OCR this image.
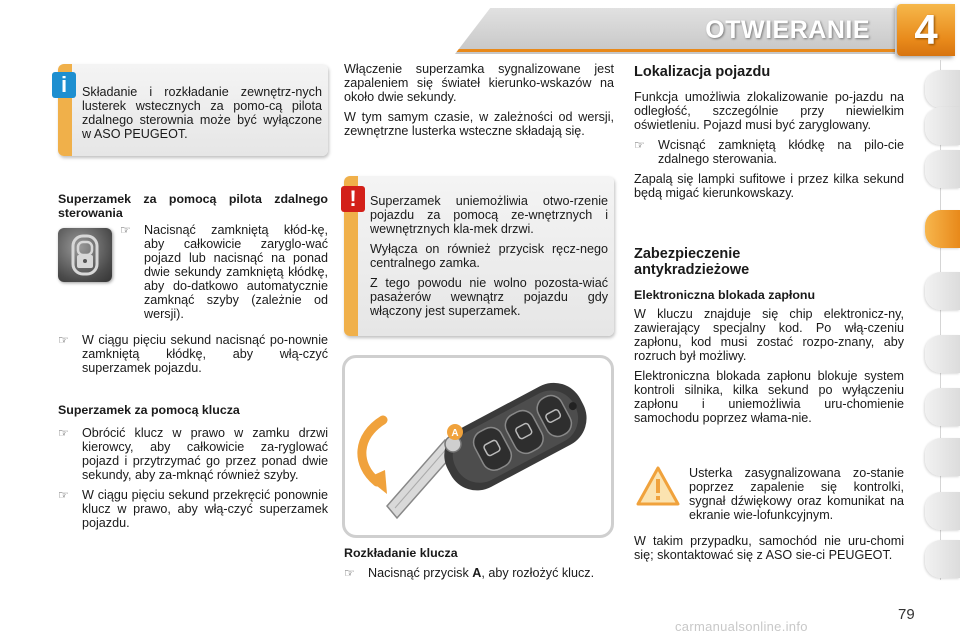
OTWIERANIE	4
i	Składanie i rozkładanie zewnętrz-nych lusterek wstecznych za pomo-cą pilota zdalnego sterownia może być wyłączone w ASO PEUGEOT.
Superzamek za pomocą pilota zdalnego sterowania
☞ Nacisnąć zamkniętą kłód-kę, aby całkowicie zaryglo-wać pojazd lub nacisnąć na ponad dwie sekundy zamkniętą kłódkę, aby do-datkowo automatycznie zamknąć szyby (zależnie od wersji).
☞ W ciągu pięciu sekund nacisnąć po-nownie zamkniętą kłódkę, aby włą-czyć superzamek pojazdu.
Superzamek za pomocą klucza
☞ Obrócić klucz w prawo w zamku drzwi kierowcy, aby całkowicie za-ryglować pojazd i przytrzymać go przez ponad dwie sekundy, aby za-mknąć również szyby.
☞ W ciągu pięciu sekund przekręcić ponownie klucz w prawo, aby włą-czyć superzamek pojazdu.

Włączenie superzamka sygnalizowane jest zapaleniem się świateł kierunko-wskazów na około dwie sekundy.

W tym samym czasie, w zależności od wersji, zewnętrzne lusterka wsteczne składają się.

!	Superzamek uniemożliwia otwo-rzenie pojazdu za pomocą ze-wnętrznych i wewnętrznych kla-mek drzwi.

Wyłącza on również przycisk ręcz-nego centralnego zamka.

Z tego powodu nie wolno pozosta-wiać pasażerów wewnątrz pojazdu gdy włączony jest superzamek.

A
Rozkładanie klucza
☞ Nacisnąć przycisk A, aby rozłożyć klucz.
Lokalizacja pojazdu

Funkcja umożliwia zlokalizowanie po-jazdu na odległość, szczególnie przy niewielkim oświetleniu. Pojazd musi być zaryglowany.

☞ Wcisnąć zamkniętą kłódkę na pilo-cie zdalnego sterowania.

Zapalą się lampki sufitowe i przez kilka sekund będą migać kierunkowskazy.

Zabezpieczenie antykradzieżowe
Elektroniczna blokada zapłonu

W kluczu znajduje się chip elektronicz-ny, zawierający specjalny kod. Po włą-czeniu zapłonu, kod musi zostać rozpo-znany, aby rozruch był możliwy.

Elektroniczna blokada zapłonu blokuje system kontroli silnika, kilka sekund po wyłączeniu zapłonu i uniemożliwia uru-chomienie samochodu poprzez włama-nie.

Usterka zasygnalizowana zo-stanie poprzez zapalenie się kontrolki, sygnał dźwiękowy oraz komunikat na ekranie wie-lofunkcyjnym.
W takim przypadku, samochód nie uru-chomi się; skontaktować się z ASO sie-ci PEUGEOT.
79
carmanualsonline.info
